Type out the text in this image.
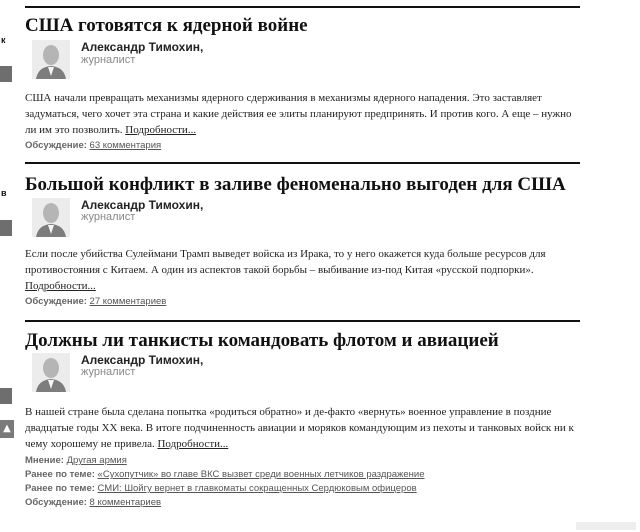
к
в
▲
США готовятся к ядерной войне
Александр Тимохин,
журналист

США начали превращать механизмы ядерного сдерживания в механизмы ядерного нападения. Это заставляет задуматься, чего хочет эта страна и какие действия ее элиты планируют предпринять. И против кого. А еще – нужно ли им это позволить. Подробности...

Обсуждение: 63 комментария
Большой конфликт в заливе феноменально выгоден для США
Александр Тимохин,
журналист

Если после убийства Сулеймани Трамп выведет войска из Ирака, то у него окажется куда больше ресурсов для противостояния с Китаем. А один из аспектов такой борьбы – выбивание из-под Китая «русской подпорки». Подробности...

Обсуждение: 27 комментариев
Должны ли танкисты командовать флотом и авиацией
Александр Тимохин,
журналист

В нашей стране была сделана попытка «родиться обратно» и де-факто «вернуть» военное управление в поздние двадцатые годы XX века. В итоге подчиненность авиации и моряков командующим из пехоты и танковых войск ни к чему хорошему не привела. Подробности...

Мнение: Другая армия
Ранее по теме: «Сухопутчик» во главе ВКС вызвет среди военных летчиков раздражение
Ранее по теме: СМИ: Шойгу вернет в главкоматы сокращенных Сердюковым офицеров
Обсуждение: 8 комментариев
